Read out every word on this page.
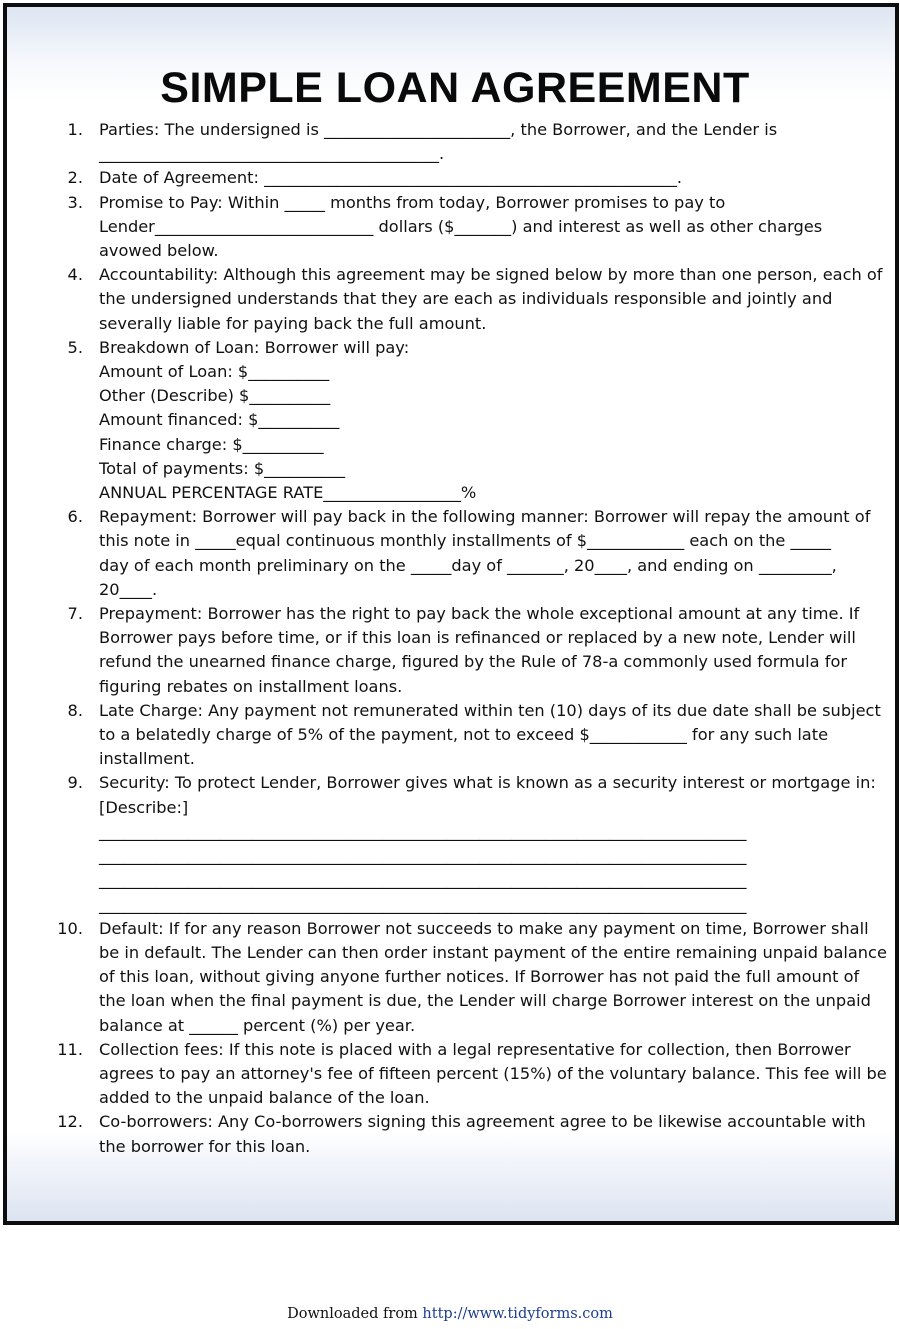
SIMPLE LOAN AGREEMENT
1. Parties: The undersigned is _______________________, the Borrower, and the Lender is
__________________________________________.
2. Date of Agreement: ___________________________________________________.
3. Promise to Pay: Within _____ months from today, Borrower promises to pay to
Lender___________________________ dollars ($_______) and interest as well as other charges
avowed below.
4. Accountability: Although this agreement may be signed below by more than one person, each of
the undersigned understands that they are each as individuals responsible and jointly and
severally liable for paying back the full amount.
5. Breakdown of Loan: Borrower will pay:
Amount of Loan: $__________
Other (Describe) $__________
Amount financed: $__________
Finance charge: $__________
Total of payments: $__________
ANNUAL PERCENTAGE RATE_________________%
6. Repayment: Borrower will pay back in the following manner: Borrower will repay the amount of
this note in _____equal continuous monthly installments of $____________ each on the _____
day of each month preliminary on the _____day of _______, 20____, and ending on _________,
20____.
7. Prepayment: Borrower has the right to pay back the whole exceptional amount at any time. If
Borrower pays before time, or if this loan is refinanced or replaced by a new note, Lender will
refund the unearned finance charge, figured by the Rule of 78-a commonly used formula for
figuring rebates on installment loans.
8. Late Charge: Any payment not remunerated within ten (10) days of its due date shall be subject
to a belatedly charge of 5% of the payment, not to exceed $____________ for any such late
installment.
9. Security: To protect Lender, Borrower gives what is known as a security interest or mortgage in:
[Describe:]
________________________________________________________________________________
________________________________________________________________________________
________________________________________________________________________________
________________________________________________________________________________
10. Default: If for any reason Borrower not succeeds to make any payment on time, Borrower shall
be in default. The Lender can then order instant payment of the entire remaining unpaid balance
of this loan, without giving anyone further notices. If Borrower has not paid the full amount of
the loan when the final payment is due, the Lender will charge Borrower interest on the unpaid
balance at ______ percent (%) per year.
11. Collection fees: If this note is placed with a legal representative for collection, then Borrower
agrees to pay an attorney's fee of fifteen percent (15%) of the voluntary balance. This fee will be
added to the unpaid balance of the loan.
12. Co-borrowers: Any Co-borrowers signing this agreement agree to be likewise accountable with
the borrower for this loan.
Downloaded from http://www.tidyforms.com
